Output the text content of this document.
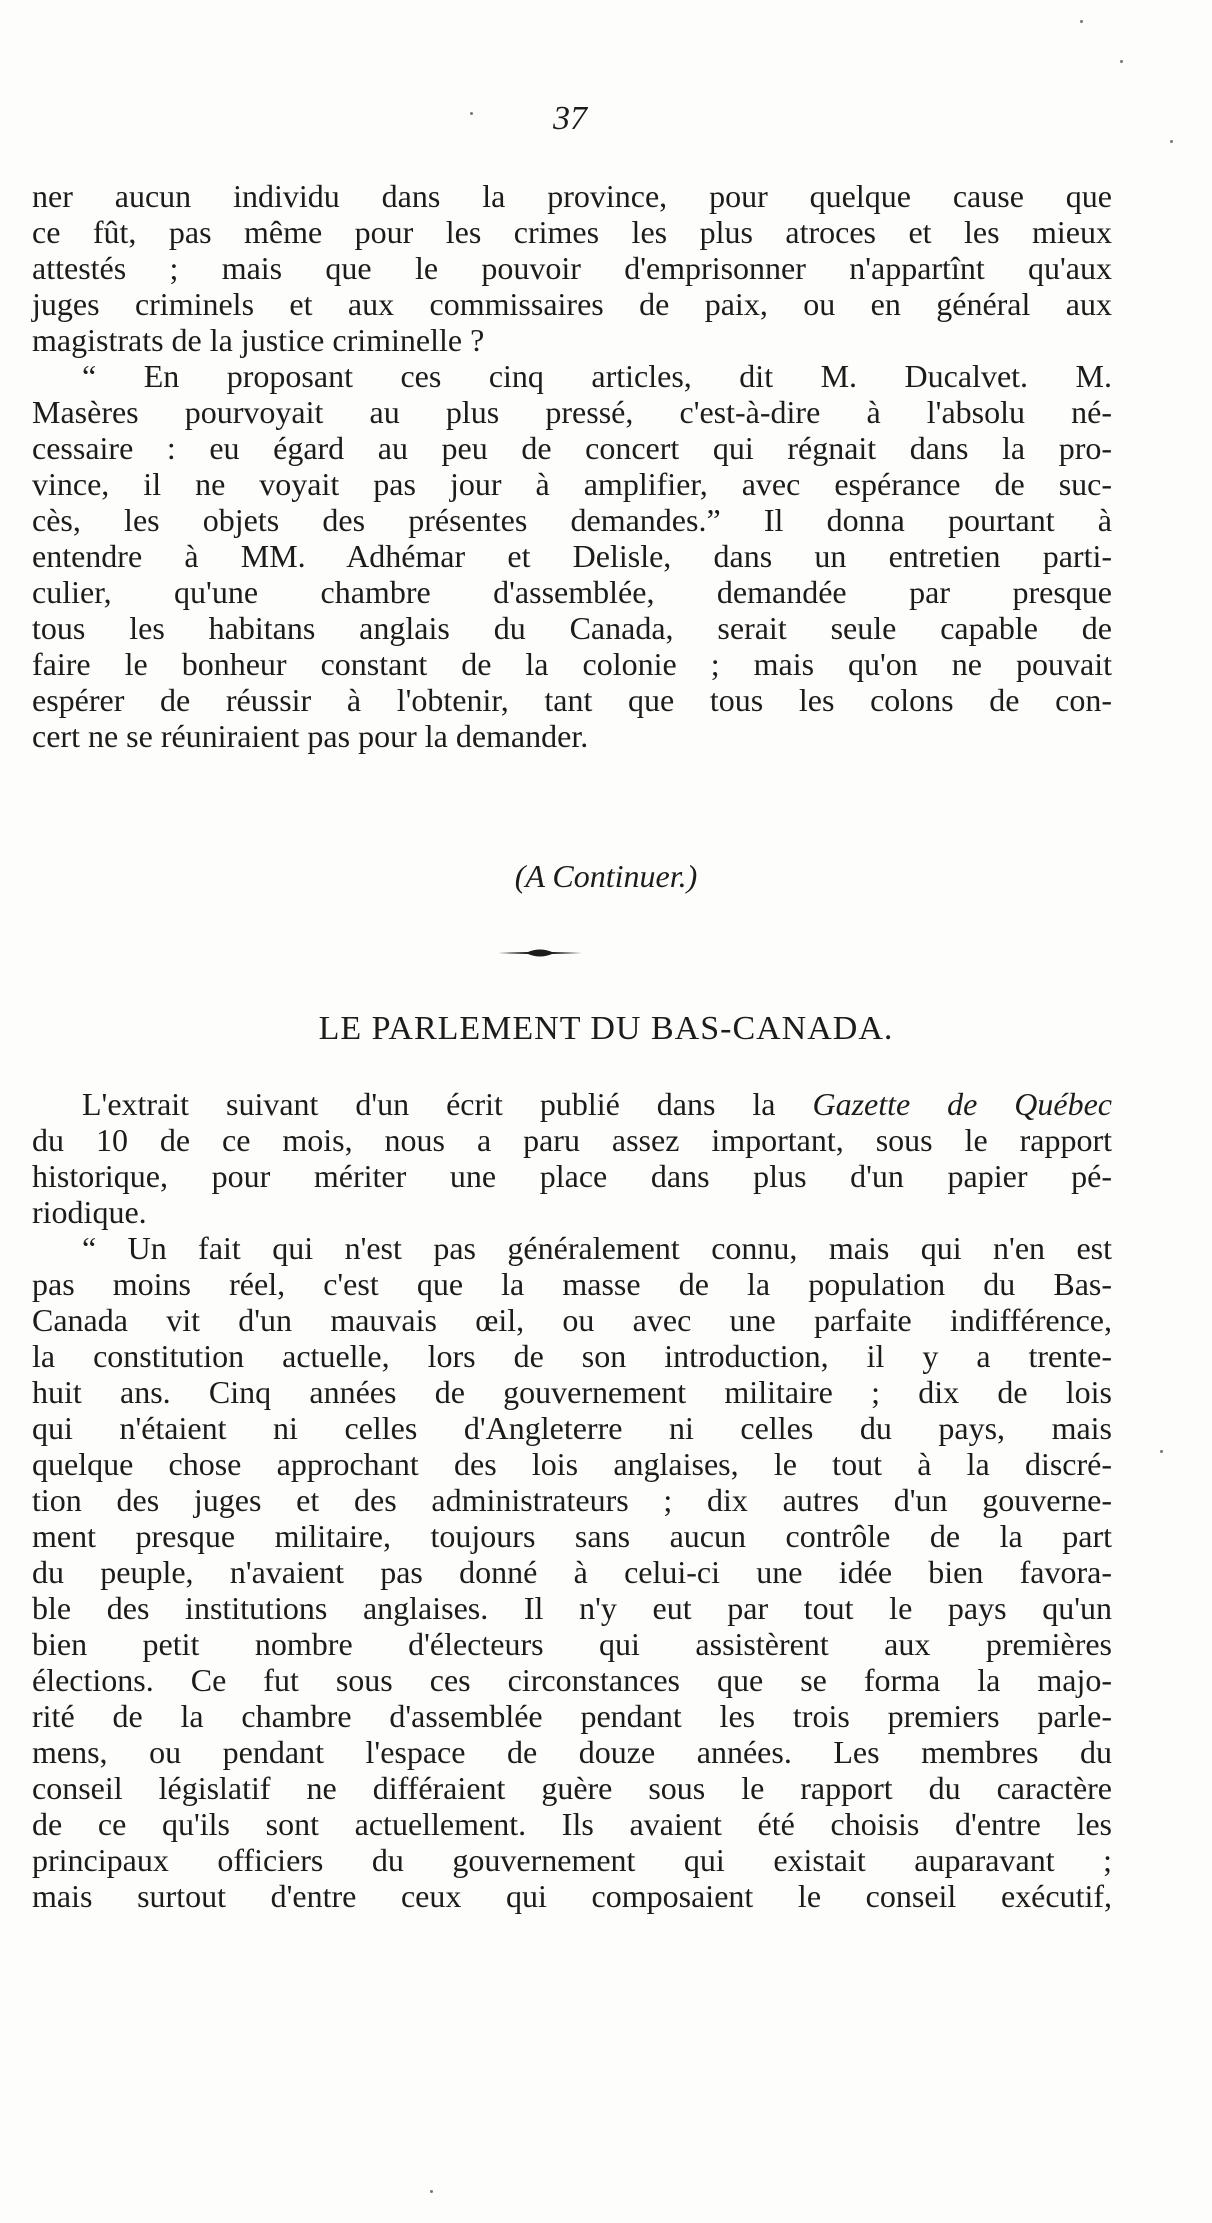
37
ner aucun individu dans la province, pour quelque cause que
ce fût, pas même pour les crimes les plus atroces et les mieux
attestés ; mais que le pouvoir d'emprisonner n'appartînt qu'aux
juges criminels et aux commissaires de paix, ou en général aux
magistrats de la justice criminelle ?
“ En proposant ces cinq articles, dit M. Ducalvet. M.
Masères pourvoyait au plus pressé, c'est-à-dire à l'absolu né-
cessaire : eu égard au peu de concert qui régnait dans la pro-
vince, il ne voyait pas jour à amplifier, avec espérance de suc-
cès, les objets des présentes demandes.” Il donna pourtant à
entendre à MM. Adhémar et Delisle, dans un entretien parti-
culier, qu'une chambre d'assemblée, demandée par presque
tous les habitans anglais du Canada, serait seule capable de
faire le bonheur constant de la colonie ; mais qu'on ne pouvait
espérer de réussir à l'obtenir, tant que tous les colons de con-
cert ne se réuniraient pas pour la demander.
(A Continuer.)
LE PARLEMENT DU BAS-CANADA.
L'extrait suivant d'un écrit publié dans la Gazette de Québec
du 10 de ce mois, nous a paru assez important, sous le rapport
historique, pour mériter une place dans plus d'un papier pé-
riodique.
“ Un fait qui n'est pas généralement connu, mais qui n'en est
pas moins réel, c'est que la masse de la population du Bas-
Canada vit d'un mauvais œil, ou avec une parfaite indifférence,
la constitution actuelle, lors de son introduction, il y a trente-
huit ans. Cinq années de gouvernement militaire ; dix de lois
qui n'étaient ni celles d'Angleterre ni celles du pays, mais
quelque chose approchant des lois anglaises, le tout à la discré-
tion des juges et des administrateurs ; dix autres d'un gouverne-
ment presque militaire, toujours sans aucun contrôle de la part
du peuple, n'avaient pas donné à celui-ci une idée bien favora-
ble des institutions anglaises. Il n'y eut par tout le pays qu'un
bien petit nombre d'électeurs qui assistèrent aux premières
élections. Ce fut sous ces circonstances que se forma la majo-
rité de la chambre d'assemblée pendant les trois premiers parle-
mens, ou pendant l'espace de douze années. Les membres du
conseil législatif ne différaient guère sous le rapport du caractère
de ce qu'ils sont actuellement. Ils avaient été choisis d'entre les
principaux officiers du gouvernement qui existait auparavant ;
mais surtout d'entre ceux qui composaient le conseil exécutif,
